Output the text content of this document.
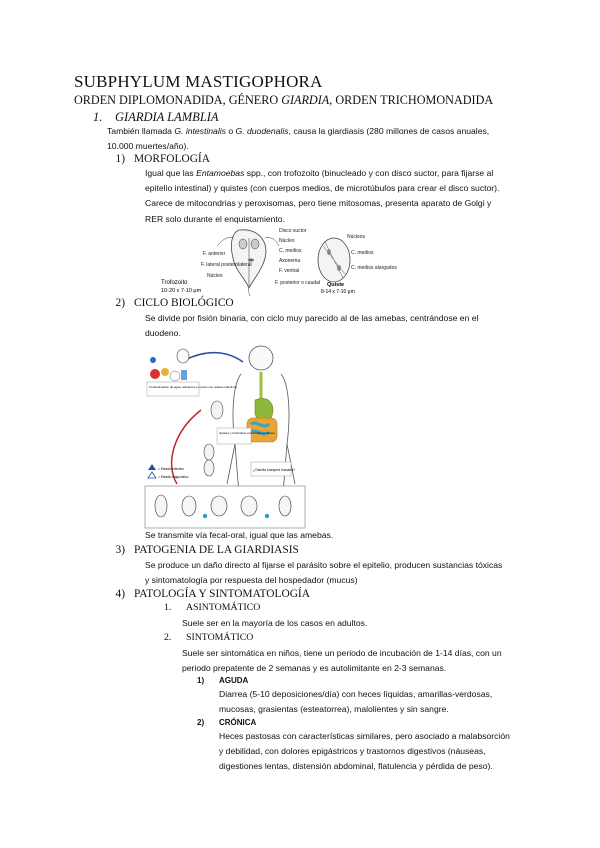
SUBPHYLUM MASTIGOPHORA
ORDEN DIPLOMONADIDA, GÉNERO GIARDIA, ORDEN TRICHOMONADIDA
1. GIARDIA LAMBLIA
También llamada G. intestinalis o G. duodenalis, causa la giardiasis (280 millones de casos anuales,
10.000 muertes/año).
1) MORFOLOGÍA
Igual que las Entamoebas spp., con trofozoito (binucleado y con disco suctor, para fijarse al
epitelio intestinal) y quistes (con cuerpos medios, de microtúbulos para crear el disco suctor).
Carece de mitocondrias y peroxisomas, pero tiene mitosomas, presenta aparato de Golgi y
RER solo durante el enquistamiento.
F. anterior
F. lateral posterolateral
Núcleo
Disco suctor
Núcleo
C. medios
Axonema
F. ventral
F. posterior o caudal
Núcleos
C. medios
C. medios alargados
Trofozoito
10-20 x 7-10 µm
Quiste
8-14 x 7-10 µm
2) CICLO BIOLÓGICO
Se divide por fisión binaria, con ciclo muy parecido al de las amebas, centrándose en el
duodeno.
Contaminación de agua, alimentos o manos con quistes infectivos
Quistes y trofozoitos excretados en heces
= Estadio infectivo
= Estadio diagnóstico
¿Giardia huesped humano?
Se transmite vía fecal-oral, igual que las amebas.
3) PATOGENIA DE LA GIARDIASIS
Se produce un daño directo al fijarse el parásito sobre el epitelio, producen sustancias tóxicas
y sintomatología por respuesta del hospedador (mucus)
4) PATOLOGÍA Y SINTOMATOLOGÍA
1. ASINTOMÁTICO
Suele ser en la mayoría de los casos en adultos.
2. SINTOMÁTICO
Suele ser sintomática en niños, tiene un periodo de incubación de 1-14 días, con un
periodo prepatente de 2 semanas y es autolimitante en 2-3 semanas.
1) AGUDA
Diarrea (5-10 deposiciones/día) con heces líquidas, amarillas-verdosas,
mucosas, grasientas (esteatorrea), malolientes y sin sangre.
2) CRÓNICA
Heces pastosas con características similares, pero asociado a malabsorción
y debilidad, con dolores epigástricos y trastornos digestivos (náuseas,
digestiones lentas, distensión abdominal, flatulencia y pérdida de peso).
